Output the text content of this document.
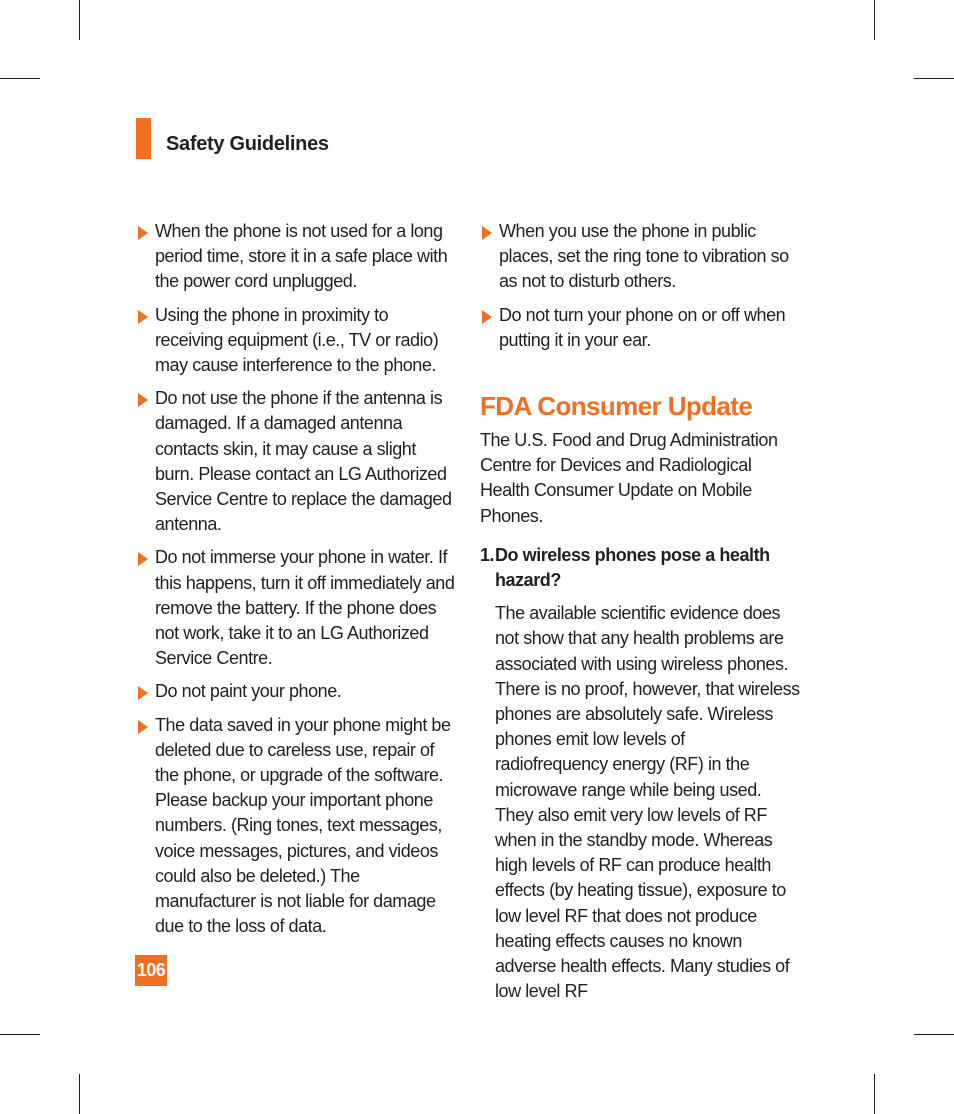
Safety Guidelines

When the phone is not used for a long period time, store it in a safe place with the power cord unplugged.

Using the phone in proximity to receiving equipment (i.e., TV or radio) may cause interference to the phone.

Do not use the phone if the antenna is damaged. If a damaged antenna contacts skin, it may cause a slight burn. Please contact an LG Authorized Service Centre to replace the damaged antenna.

Do not immerse your phone in water. If this happens, turn it off immediately and remove the battery. If the phone does not work, take it to an LG Authorized Service Centre.

Do not paint your phone.

The data saved in your phone might be deleted due to careless use, repair of the phone, or upgrade of the software. Please backup your important phone numbers. (Ring tones, text messages, voice messages, pictures, and videos could also be deleted.) The manufacturer is not liable for damage due to the loss of data.

When you use the phone in public places, set the ring tone to vibration so as not to disturb others.

Do not turn your phone on or off when putting it in your ear.

FDA Consumer Update

The U.S. Food and Drug Administration Centre for Devices and Radiological Health Consumer Update on Mobile Phones.

1.Do wireless phones pose a health hazard?

The available scientific evidence does not show that any health problems are associated with using wireless phones. There is no proof, however, that wireless phones are absolutely safe. Wireless phones emit low levels of radiofrequency energy (RF) in the microwave range while being used. They also emit very low levels of RF when in the standby mode. Whereas high levels of RF can produce health effects (by heating tissue), exposure to low level RF that does not produce heating effects causes no known adverse health effects. Many studies of low level RF

106
